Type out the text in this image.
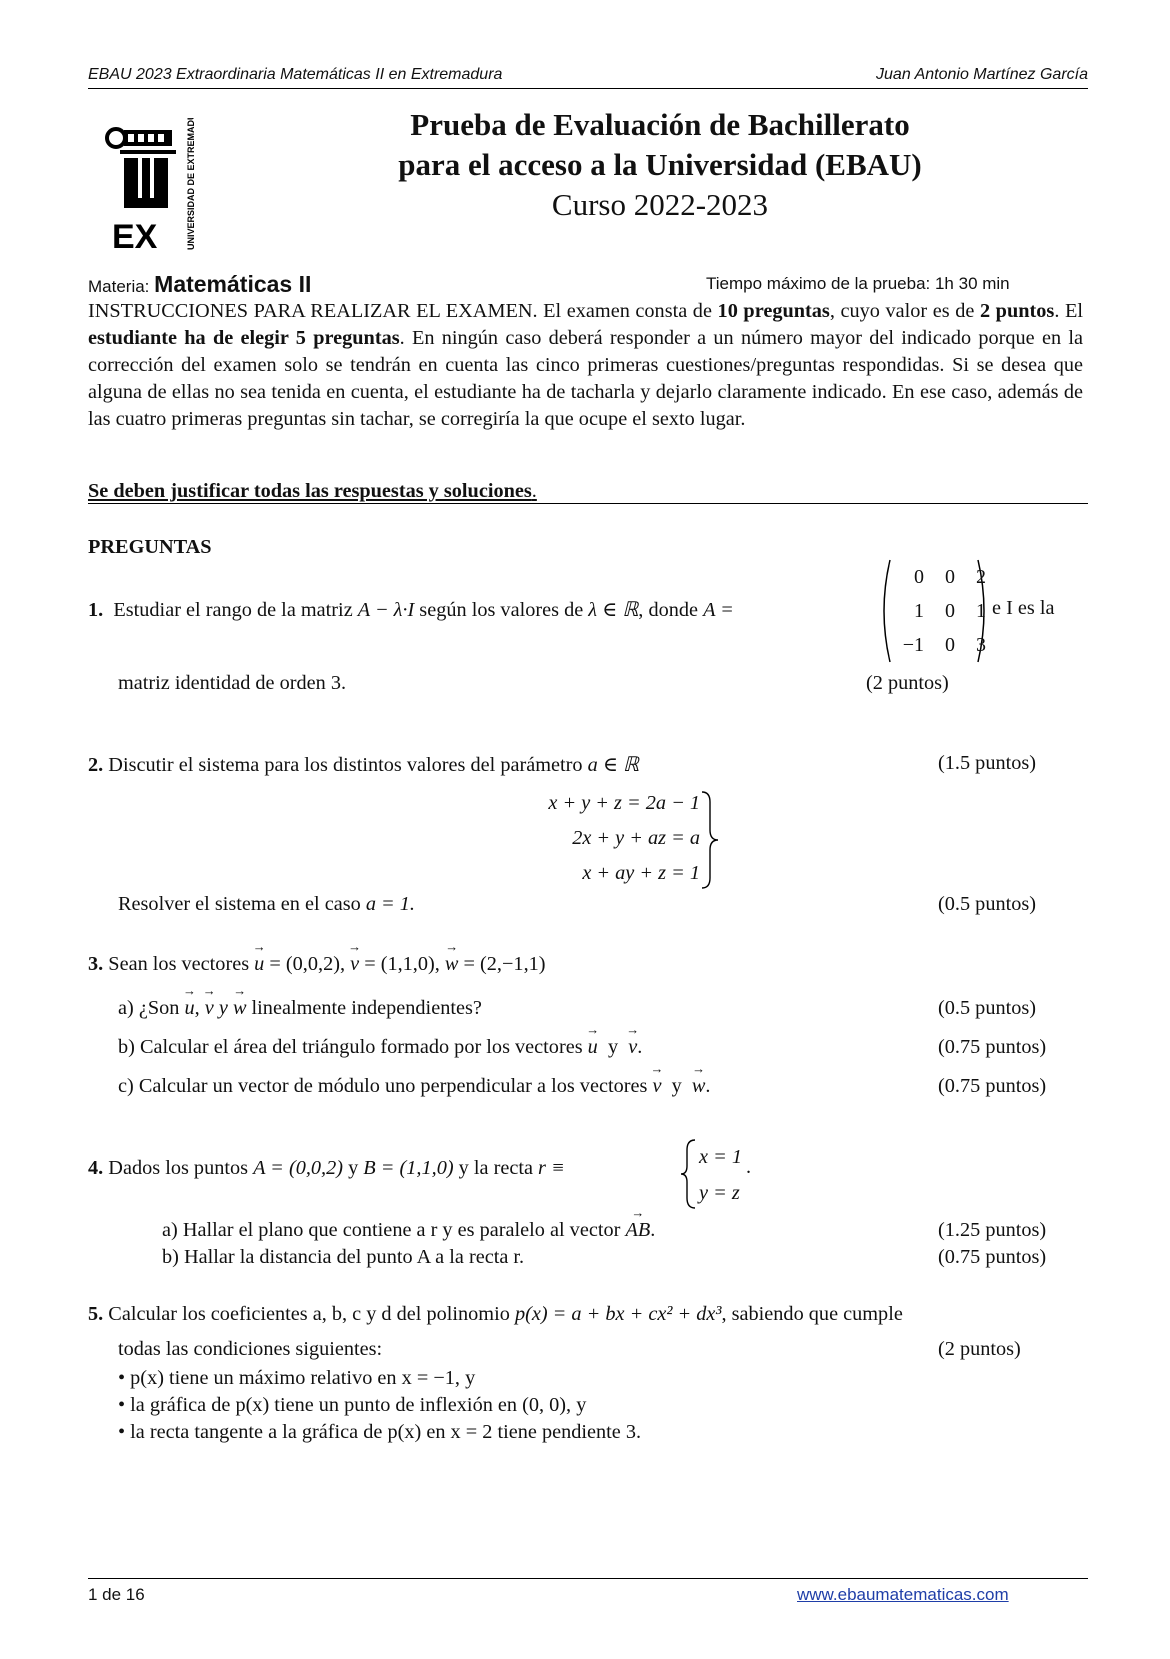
EBAU 2023 Extraordinaria Matemáticas II en Extremadura	Juan Antonio Martínez García
EX	UNIVERSIDAD DE EXTREMADURA	Prueba de Evaluación de Bachillerato
para el acceso a la Universidad (EBAU)
Curso 2022-2023
Materia: Matemáticas II	Tiempo máximo de la prueba: 1h 30 min
INSTRUCCIONES PARA REALIZAR EL EXAMEN. El examen consta de 10 preguntas, cuyo valor es de 2 puntos. El estudiante ha de elegir 5 preguntas. En ningún caso deberá responder a un número mayor del indicado porque en la corrección del examen solo se tendrán en cuenta las cinco primeras cuestiones/preguntas respondidas. Si se desea que alguna de ellas no sea tenida en cuenta, el estudiante ha de tacharla y dejarlo claramente indicado. En ese caso, además de las cuatro primeras preguntas sin tachar, se corregiría la que ocupe el sexto lugar.
Se deben justificar todas las respuestas y soluciones.
PREGUNTAS
1. Estudiar el rango de la matriz A − λ·I según los valores de λ ∈ ℝ, donde A =
0	0	2
1	0	1
−1	0	3
e I es la
matriz identidad de orden 3.	(2 puntos)
2. Discutir el sistema para los distintos valores del parámetro a ∈ ℝ	(1.5 puntos)
x + y + z = 2a − 1
2x + y + az = a
x + ay + z = 1
Resolver el sistema en el caso a = 1.	(0.5 puntos)
3. Sean los vectores → u = (0,0,2), → v = (1,1,0), → w = (2,−1,1)
a) ¿Son → u, → v y → w linealmente independientes?	(0.5 puntos)
b) Calcular el área del triángulo formado por los vectores → u  y  → v.	(0.75 puntos)
c) Calcular un vector de módulo uno perpendicular a los vectores → v  y  → w.	(0.75 puntos)
4. Dados los puntos A = (0,0,2) y B = (1,1,0) y la recta r ≡	x = 1
y = z
.
a) Hallar el plano que contiene a r y es paralelo al vector → AB.	(1.25 puntos)
b) Hallar la distancia del punto A a la recta r.	(0.75 puntos)
5. Calcular los coeficientes a, b, c y d del polinomio p(x) = a + bx + cx² + dx³, sabiendo que cumple
todas las condiciones siguientes:	(2 puntos)
• p(x) tiene un máximo relativo en x = −1, y
• la gráfica de p(x) tiene un punto de inflexión en (0, 0), y
• la recta tangente a la gráfica de p(x) en x = 2 tiene pendiente 3.
1 de 16	www.ebaumatematicas.com
